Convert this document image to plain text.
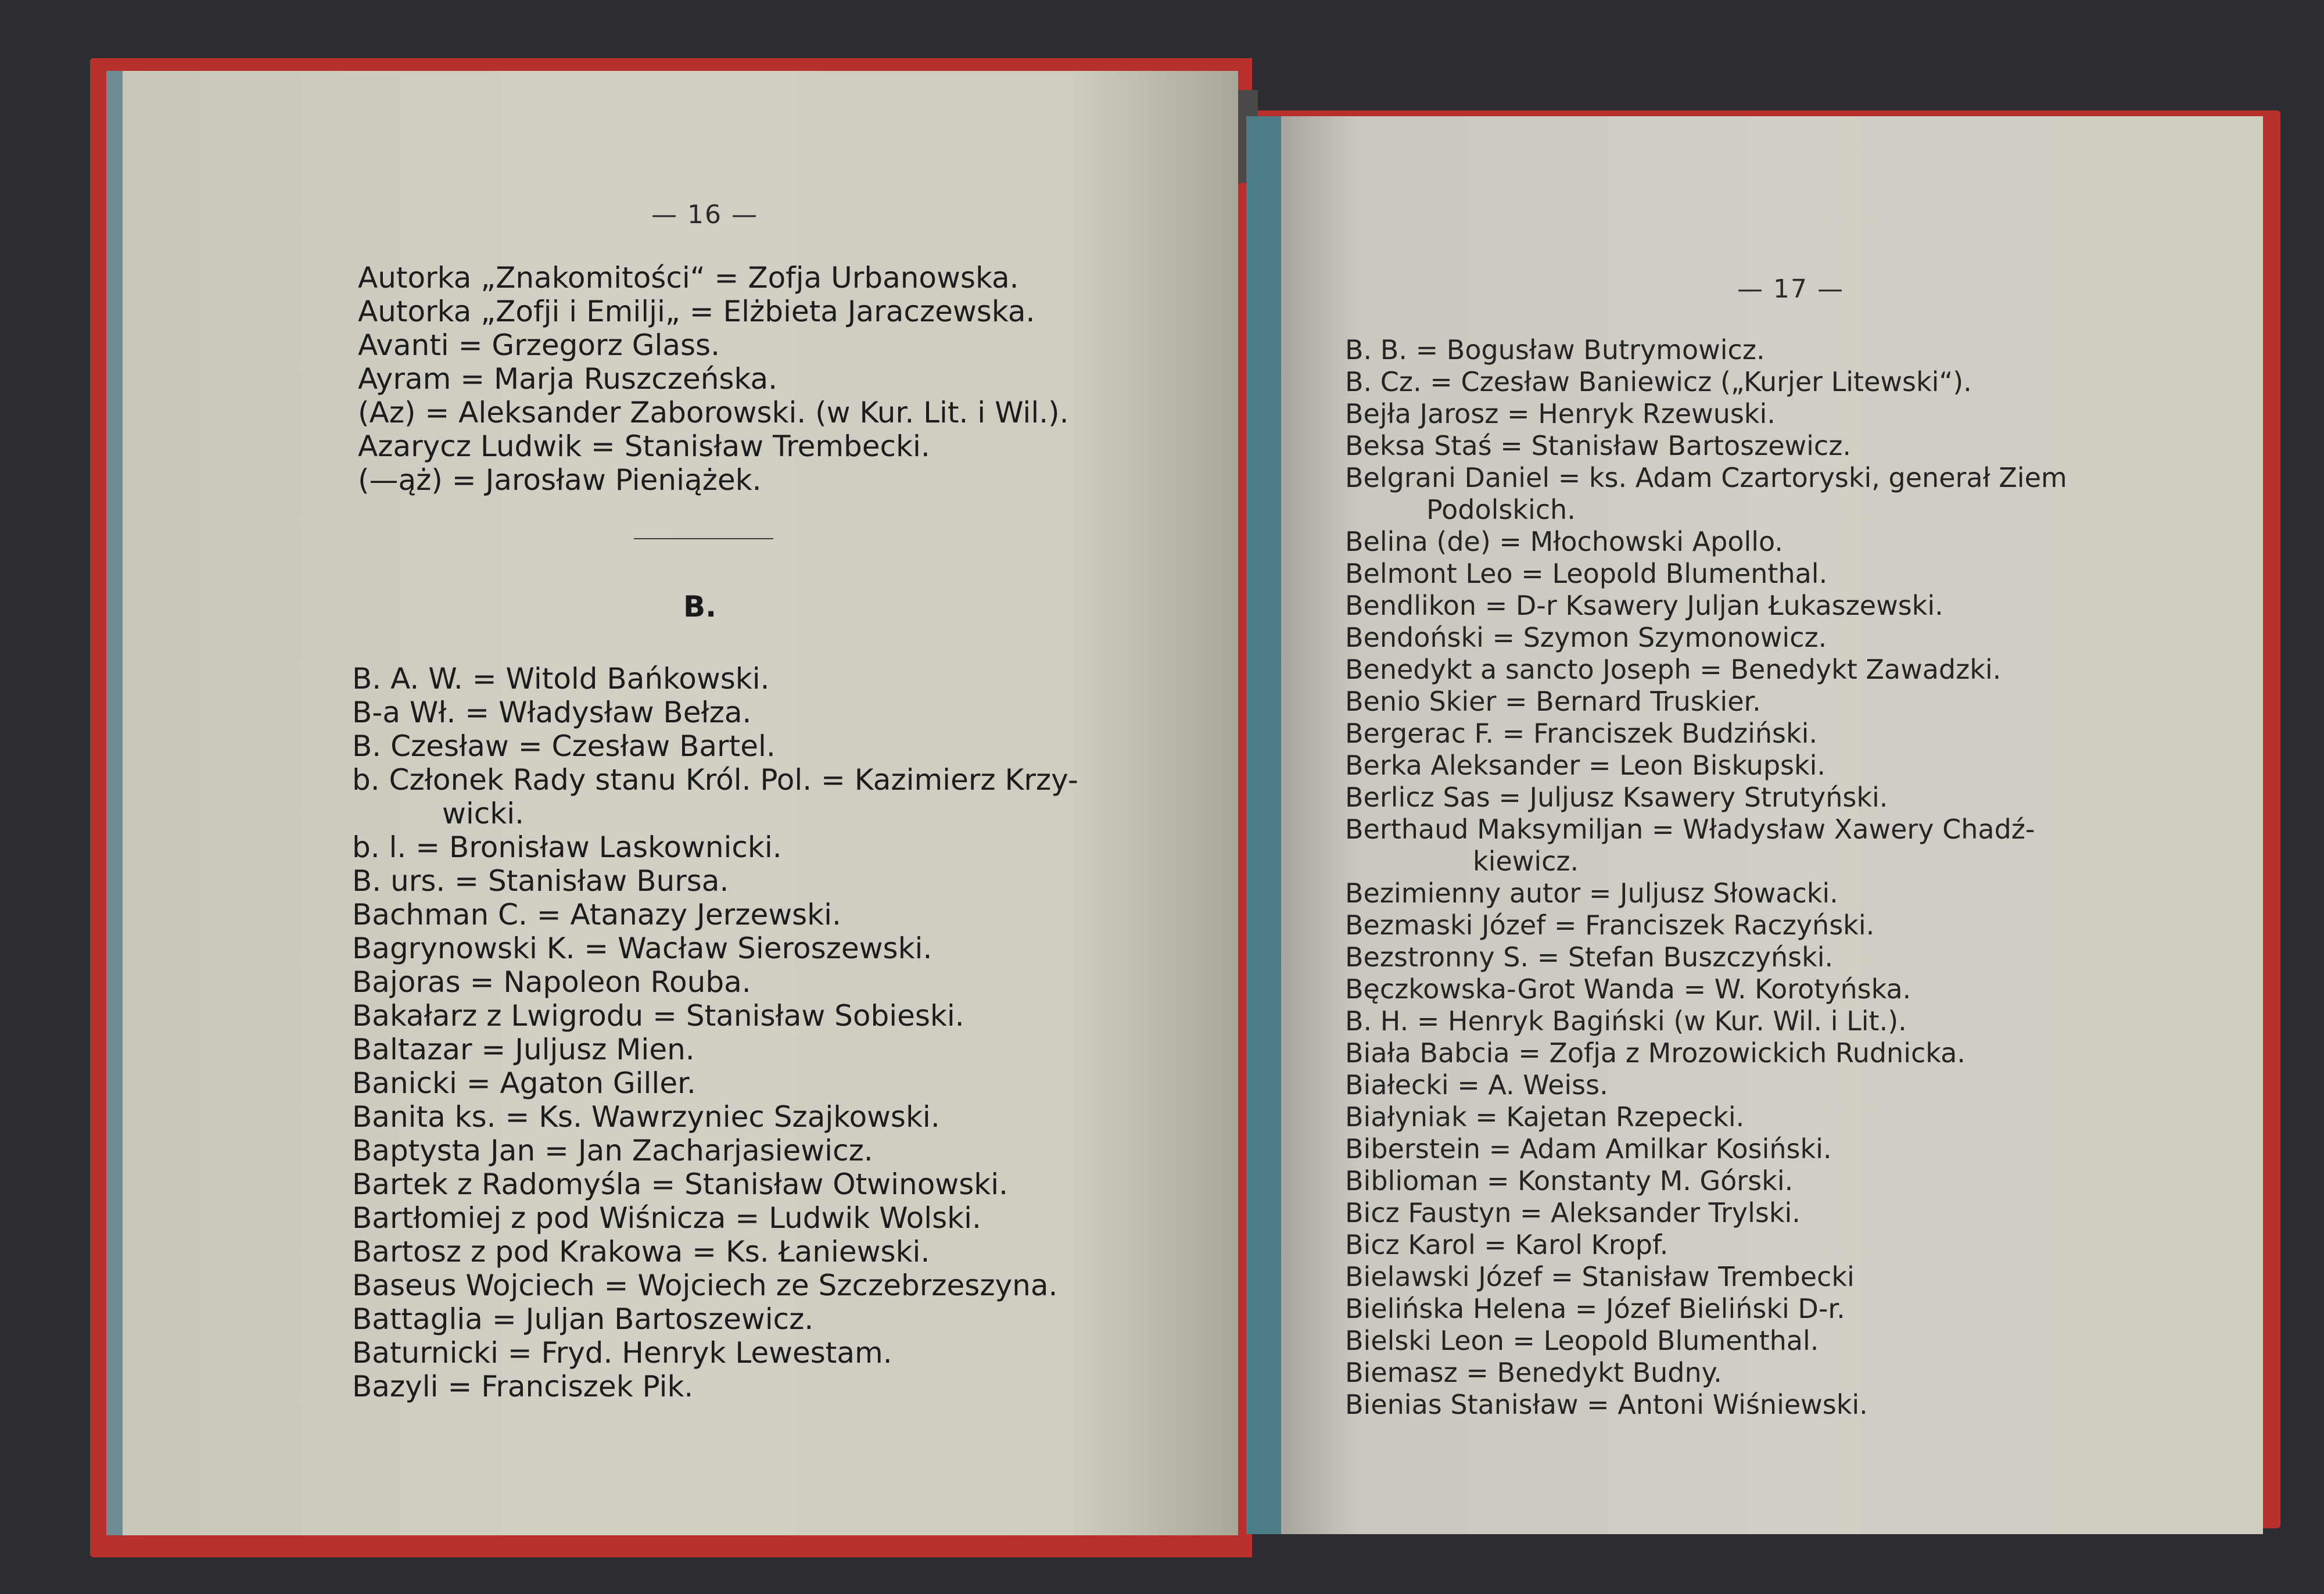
— 16 —
Autorka „Znakomitości“ = Zofja Urbanowska.
Autorka „Zofji i Emilji„ = Elżbieta Jaraczewska.
Avanti = Grzegorz Glass.
Ayram = Marja Ruszczeńska.
(Az) = Aleksander Zaborowski. (w Kur. Lit. i Wil.).
Azarycz Ludwik = Stanisław Trembecki.
(—ąż) = Jarosław Pieniążek.
B.
B. A. W. = Witold Bańkowski.
B-a Wł. = Władysław Bełza.
B. Czesław = Czesław Bartel.
b. Członek Rady stanu Król. Pol. = Kazimierz Krzy-
wicki.
b. l. = Bronisław Laskownicki.
B. urs. = Stanisław Bursa.
Bachman C. = Atanazy Jerzewski.
Bagrynowski K. = Wacław Sieroszewski.
Bajoras = Napoleon Rouba.
Bakałarz z Lwigrodu = Stanisław Sobieski.
Baltazar = Juljusz Mien.
Banicki = Agaton Giller.
Banita ks. = Ks. Wawrzyniec Szajkowski.
Baptysta Jan = Jan Zacharjasiewicz.
Bartek z Radomyśla = Stanisław Otwinowski.
Bartłomiej z pod Wiśnicza = Ludwik Wolski.
Bartosz z pod Krakowa = Ks. Łaniewski.
Baseus Wojciech = Wojciech ze Szczebrzeszyna.
Battaglia = Juljan Bartoszewicz.
Baturnicki = Fryd. Henryk Lewestam.
Bazyli = Franciszek Pik.
— 17 —
B. B. = Bogusław Butrymowicz.
B. Cz. = Czesław Baniewicz („Kurjer Litewski“).
Bejła Jarosz = Henryk Rzewuski.
Beksa Staś = Stanisław Bartoszewicz.
Belgrani Daniel = ks. Adam Czartoryski, generał Ziem
Podolskich.
Belina (de) = Młochowski Apollo.
Belmont Leo = Leopold Blumenthal.
Bendlikon = D-r Ksawery Juljan Łukaszewski.
Bendoński = Szymon Szymonowicz.
Benedykt a sancto Joseph = Benedykt Zawadzki.
Benio Skier = Bernard Truskier.
Bergerac F. = Franciszek Budziński.
Berka Aleksander = Leon Biskupski.
Berlicz Sas = Juljusz Ksawery Strutyński.
Berthaud Maksymiljan = Władysław Xawery Chadź-
kiewicz.
Bezimienny autor = Juljusz Słowacki.
Bezmaski Józef = Franciszek Raczyński.
Bezstronny S. = Stefan Buszczyński.
Bęczkowska-Grot Wanda = W. Korotyńska.
B. H. = Henryk Bagiński (w Kur. Wil. i Lit.).
Biała Babcia = Zofja z Mrozowickich Rudnicka.
Białecki = A. Weiss.
Białyniak = Kajetan Rzepecki.
Biberstein = Adam Amilkar Kosiński.
Biblioman = Konstanty M. Górski.
Bicz Faustyn = Aleksander Trylski.
Bicz Karol = Karol Kropf.
Bielawski Józef = Stanisław Trembecki
Bielińska Helena = Józef Bieliński D-r.
Bielski Leon = Leopold Blumenthal.
Biemasz = Benedykt Budny.
Bienias Stanisław = Antoni Wiśniewski.
